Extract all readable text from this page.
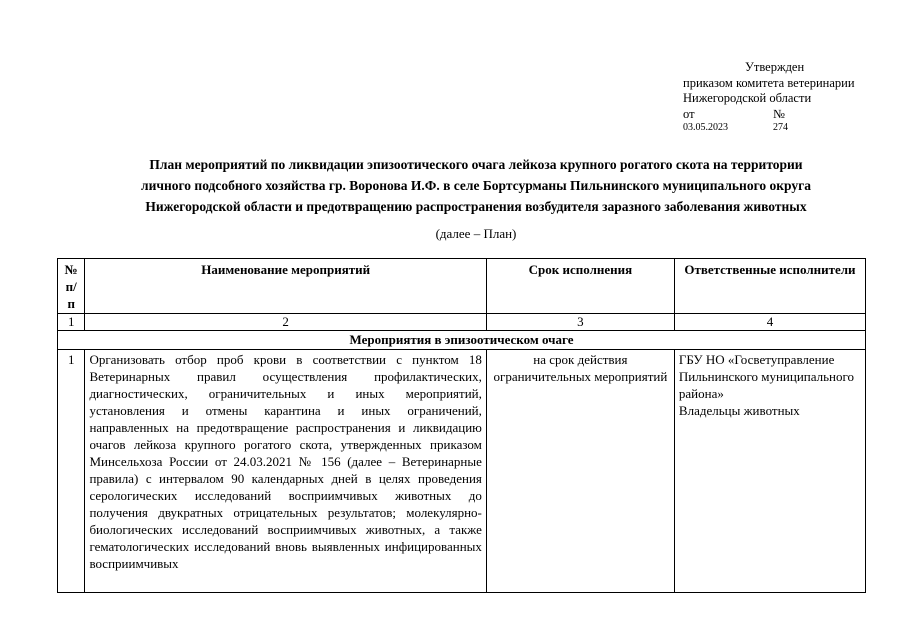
Утвержден
приказом комитета ветеринарии
Нижегородской области
от	№
03.05.2023	274
План мероприятий по ликвидации эпизоотического очага лейкоза крупного рогатого скота на территории
личного подсобного хозяйства гр. Воронова И.Ф. в селе Бортсурманы Пильнинского муниципального округа
Нижегородской области и предотвращению распространения возбудителя заразного заболевания животных
(далее – План)
№ п/п	Наименование мероприятий	Срок исполнения	Ответственные исполнители
1	2	3	4
Мероприятия в эпизоотическом очаге			
1	Организовать отбор проб крови в соответствии с пунктом 18 Ветеринарных правил осуществления профилактических, диагностических, ограничительных и иных мероприятий, установления и отмены карантина и иных ограничений, направленных на предотвращение распространения и ликвидацию очагов лейкоза крупного рогатого скота, утвержденных приказом Минсельхоза России от 24.03.2021 № 156 (далее – Ветеринарные правила) с интервалом 90 календарных дней в целях проведения серологических исследований восприимчивых животных до получения двукратных отрицательных результатов; молекулярно-биологических исследований восприимчивых животных, а также гематологических исследований вновь выявленных инфицированных восприимчивых	на срок действия ограничительных мероприятий	ГБУ НО «Госветуправление Пильнинского муниципального района»
Владельцы животных
